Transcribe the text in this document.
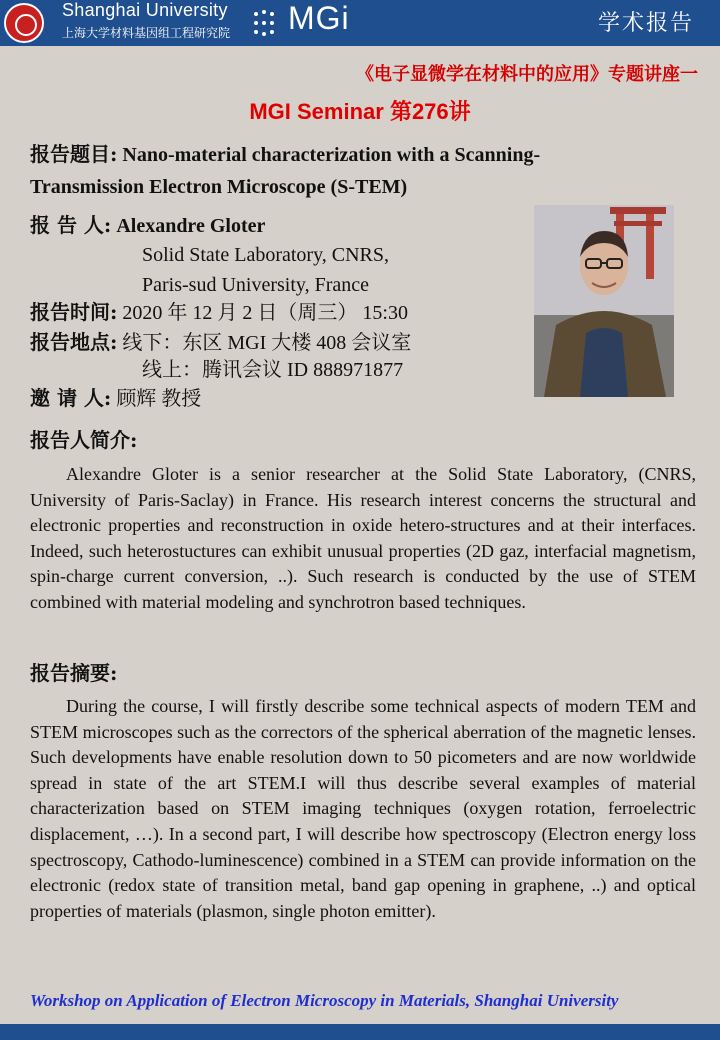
Shanghai University
上海大学材料基因组工程研究院 MGi	学术报告
《电子显微学在材料中的应用》专题讲座一
MGI Seminar 第276讲
报告题目: Nano-material characterization with a Scanning-
Transmission Electron Microscope (S-TEM)
报 告 人: Alexandre Gloter
Solid State Laboratory, CNRS,
Paris-sud University, France
报告时间: 2020 年 12 月 2 日（周三） 15:30
报告地点: 线下：东区 MGI 大楼 408 会议室
线上：腾讯会议 ID 888971877
邀 请 人: 顾辉 教授
报告人简介:
Alexandre Gloter is a senior researcher at the Solid State Laboratory, (CNRS, University of Paris-Saclay) in France. His research interest concerns the structural and electronic properties and reconstruction in oxide hetero-structures and at their interfaces. Indeed, such heterostuctures can exhibit unusual properties (2D gaz, interfacial magnetism, spin-charge current conversion, ..). Such research is conducted by the use of STEM combined with material modeling and synchrotron based techniques.
报告摘要:
During the course, I will firstly describe some technical aspects of modern TEM and STEM microscopes such as the correctors of the spherical aberration of the magnetic lenses. Such developments have enable resolution down to 50 picometers and are now worldwide spread in state of the art STEM.I will thus describe several examples of material characterization based on STEM imaging techniques (oxygen rotation, ferroelectric displacement, …). In a second part, I will describe how spectroscopy (Electron energy loss spectroscopy, Cathodo-luminescence) combined in a STEM can provide information on the electronic (redox state of transition metal, band gap opening in graphene, ..) and optical properties of materials (plasmon, single photon emitter).
Workshop on Application of Electron Microscopy in Materials, Shanghai University
